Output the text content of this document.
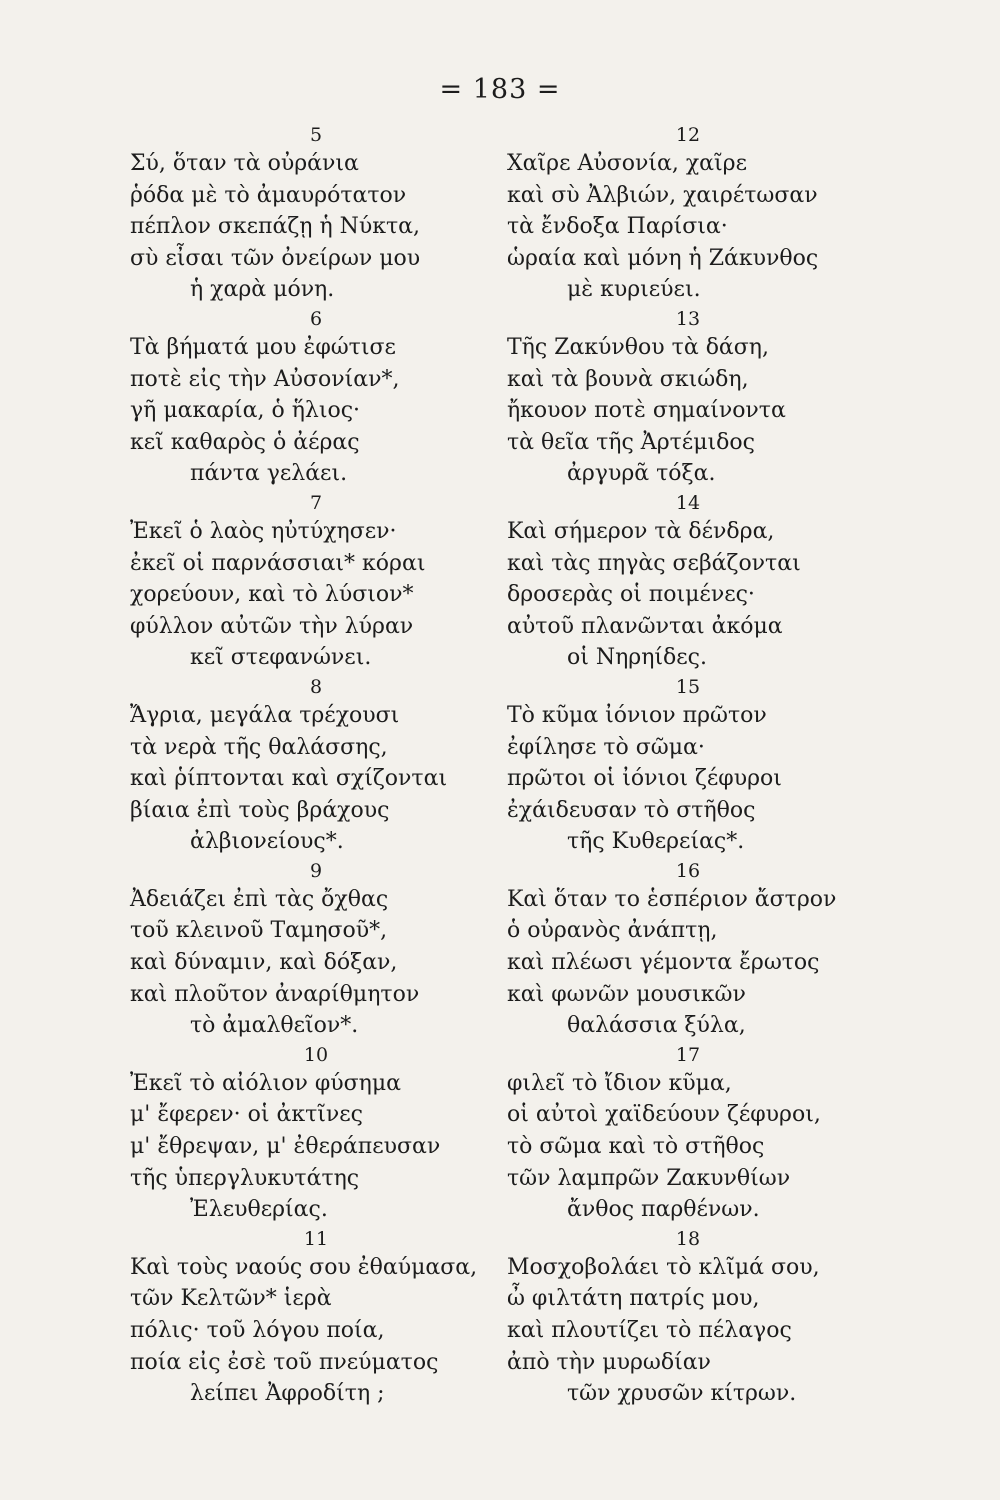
= 183 =
5
Σύ, ὅταν τὰ οὐράνια
ῥόδα μὲ τὸ ἀμαυρότατον
πέπλον σκεπάζῃ ἡ Νύκτα,
σὺ εἶσαι τῶν ὀνείρων μου
ἡ χαρὰ μόνη.
6
Τὰ βήματά μου ἐφώτισε
ποτὲ εἰς τὴν Αὐσονίαν*,
γῆ μακαρία, ὁ ἥλιος·
κεῖ καθαρὸς ὁ ἀέρας
πάντα γελάει.
7
Ἐκεῖ ὁ λαὸς ηὐτύχησεν·
ἐκεῖ οἱ παρνάσσιαι* κόραι
χορεύουν, καὶ τὸ λύσιον*
φύλλον αὐτῶν τὴν λύραν
κεῖ στεφανώνει.
8
Ἄγρια, μεγάλα τρέχουσι
τὰ νερὰ τῆς θαλάσσης,
καὶ ῥίπτονται καὶ σχίζονται
βίαια ἐπὶ τοὺς βράχους
ἀλβιονείους*.
9
Ἀδειάζει ἐπὶ τὰς ὄχθας
τοῦ κλεινοῦ Ταμησοῦ*,
καὶ δύναμιν, καὶ δόξαν,
καὶ πλοῦτον ἀναρίθμητον
τὸ ἀμαλθεῖον*.
10
Ἐκεῖ τὸ αἰόλιον φύσημα
μ' ἔφερεν· οἱ ἀκτῖνες
μ' ἔθρεψαν, μ' ἐθεράπευσαν
τῆς ὑπεργλυκυτάτης
Ἐλευθερίας.
11
Καὶ τοὺς ναούς σου ἐθαύμασα,
τῶν Κελτῶν* ἱερὰ
πόλις· τοῦ λόγου ποία,
ποία εἰς ἐσὲ τοῦ πνεύματος
λείπει Ἀφροδίτη ;
12
Χαῖρε Αὐσονία, χαῖρε
καὶ σὺ Ἀλβιών, χαιρέτωσαν
τὰ ἔνδοξα Παρίσια·
ὡραία καὶ μόνη ἡ Ζάκυνθος
μὲ κυριεύει.
13
Τῆς Ζακύνθου τὰ δάση,
καὶ τὰ βουνὰ σκιώδη,
ἤκουον ποτὲ σημαίνοντα
τὰ θεῖα τῆς Ἀρτέμιδος
ἀργυρᾶ τόξα.
14
Καὶ σήμερον τὰ δένδρα,
καὶ τὰς πηγὰς σεβάζονται
δροσερὰς οἱ ποιμένες·
αὐτοῦ πλανῶνται ἀκόμα
οἱ Νηρηίδες.
15
Τὸ κῦμα ἰόνιον πρῶτον
ἐφίλησε τὸ σῶμα·
πρῶτοι οἱ ἰόνιοι ζέφυροι
ἐχάιδευσαν τὸ στῆθος
τῆς Κυθερείας*.
16
Καὶ ὅταν το ἑσπέριον ἄστρον
ὁ οὐρανὸς ἀνάπτῃ,
καὶ πλέωσι γέμοντα ἔρωτος
καὶ φωνῶν μουσικῶν
θαλάσσια ξύλα,
17
φιλεῖ τὸ ἴδιον κῦμα,
οἱ αὐτοὶ χαϊδεύουν ζέφυροι,
τὸ σῶμα καὶ τὸ στῆθος
τῶν λαμπρῶν Ζακυνθίων
ἄνθος παρθένων.
18
Μοσχοβολάει τὸ κλῖμά σου,
ὦ φιλτάτη πατρίς μου,
καὶ πλουτίζει τὸ πέλαγος
ἀπὸ τὴν μυρωδίαν
τῶν χρυσῶν κίτρων.
